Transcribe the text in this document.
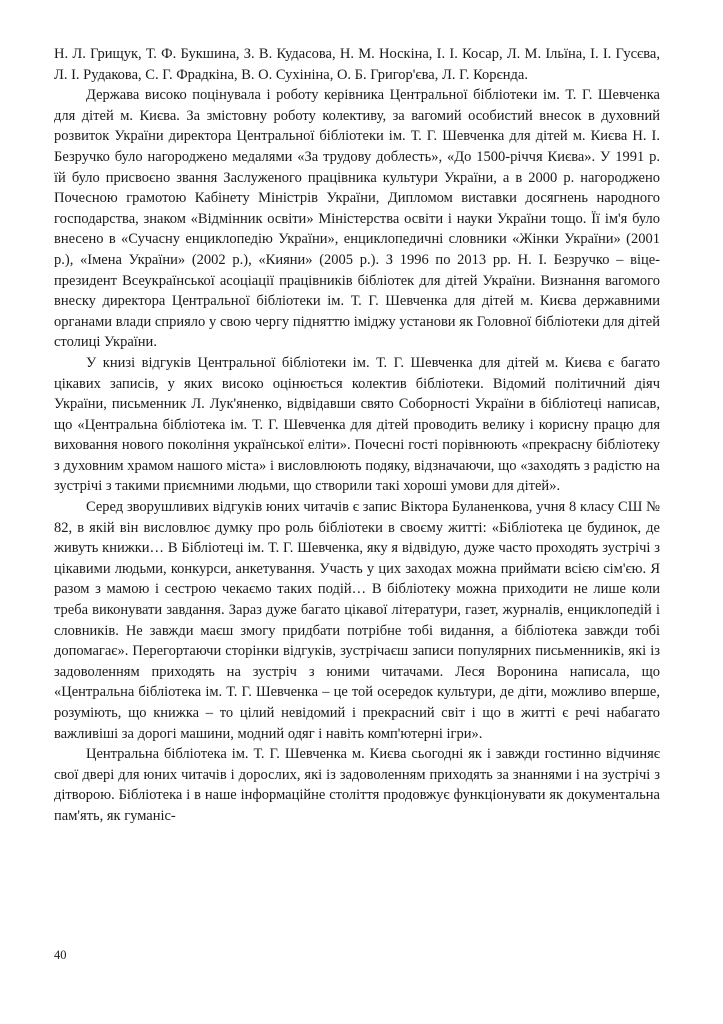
Н. Л. Грищук, Т. Ф. Букшина, З. В. Кудасова, Н. М. Носкіна, І. І. Косар, Л. М. Ільїна, І. І. Гусєва, Л. І. Рудакова, С. Г. Фрадкіна, В. О. Сухініна, О. Б. Григор'єва, Л. Г. Корєнда.

Держава високо поцінувала і роботу керівника Центральної бібліотеки ім. Т. Г. Шевченка для дітей м. Києва. За змістовну роботу колективу, за вагомий особистий внесок в духовний розвиток України директора Центральної бібліотеки ім. Т. Г. Шевченка для дітей м. Києва Н. І. Безручко було нагороджено медалями «За трудову доблесть», «До 1500-річчя Києва». У 1991 р. їй було присвоєно звання Заслуженого працівника культури України, а в 2000 р. нагороджено Почесною грамотою Кабінету Міністрів України, Дипломом виставки досягнень народного господарства, знаком «Відмінник освіти» Міністерства освіти і науки України тощо. Її ім'я було внесено в «Сучасну енциклопедію України», енциклопедичні словники «Жінки України» (2001 р.), «Імена України» (2002 р.), «Кияни» (2005 р.). З 1996 по 2013 рр. Н. І. Безручко – віце-президент Всеукраїнської асоціації працівників бібліотек для дітей України. Визнання вагомого внеску директора Центральної бібліотеки ім. Т. Г. Шевченка для дітей м. Києва державними органами влади сприяло у свою чергу підняттю іміджу установи як Головної бібліотеки для дітей столиці України.

У книзі відгуків Центральної бібліотеки ім. Т. Г. Шевченка для дітей м. Києва є багато цікавих записів, у яких високо оцінюється колектив бібліотеки. Відомий політичний діяч України, письменник Л. Лук'яненко, відвідавши свято Соборності України в бібліотеці написав, що «Центральна бібліотека ім. Т. Г. Шевченка для дітей проводить велику і корисну працю для виховання нового покоління української еліти». Почесні гості порівнюють «прекрасну бібліотеку з духовним храмом нашого міста» і висловлюють подяку, відзначаючи, що «заходять з радістю на зустрічі з такими приємними людьми, що створили такі хороші умови для дітей».

Серед зворушливих відгуків юних читачів є запис Віктора Буланенкова, учня 8 класу СШ № 82, в якій він висловлює думку про роль бібліотеки в своєму житті: «Бібліотека це будинок, де живуть книжки… В Бібліотеці ім. Т. Г. Шевченка, яку я відвідую, дуже часто проходять зустрічі з цікавими людьми, конкурси, анкетування. Участь у цих заходах можна приймати всією сім'єю. Я разом з мамою і сестрою чекаємо таких подій… В бібліотеку можна приходити не лише коли треба виконувати завдання. Зараз дуже багато цікавої літератури, газет, журналів, енциклопедій і словників. Не завжди маєш змогу придбати потрібне тобі видання, а бібліотека завжди тобі допомагає». Перегортаючи сторінки відгуків, зустрічаєш записи популярних письменників, які із задоволенням приходять на зустріч з юними читачами. Леся Воронина написала, що «Центральна бібліотека ім. Т. Г. Шевченка – це той осередок культури, де діти, можливо вперше, розуміють, що книжка – то цілий невідомий і прекрасний світ і що в житті є речі набагато важливіші за дорогі машини, модний одяг і навіть комп'ютерні ігри».

Центральна бібліотека ім. Т. Г. Шевченка м. Києва сьогодні як і завжди гостинно відчиняє свої двері для юних читачів і дорослих, які із задоволенням приходять за знаннями і на зустрічі з дітворою. Бібліотека і в наше інформаційне століття продовжує функціонувати як документальна пам'ять, як гуманіс-

40
